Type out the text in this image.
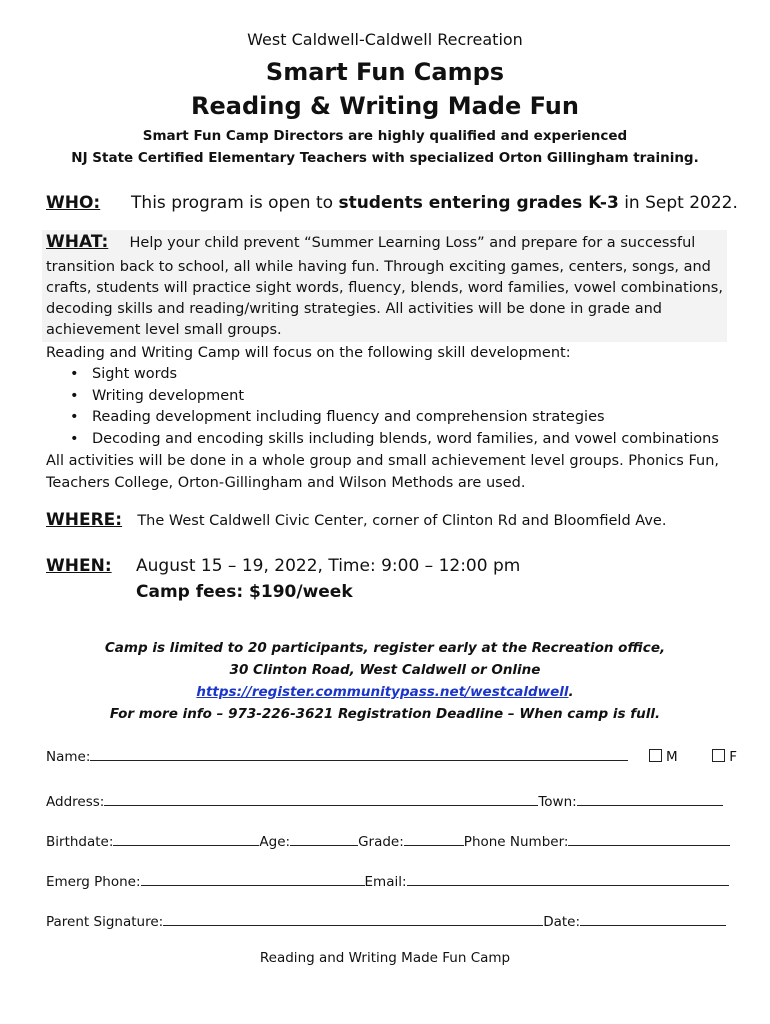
West Caldwell-Caldwell Recreation
Smart Fun Camps
Reading & Writing Made Fun
Smart Fun Camp Directors are highly qualified and experienced
NJ State Certified Elementary Teachers with specialized Orton Gillingham training.
WHO: This program is open to students entering grades K-3 in Sept 2022.
WHAT: Help your child prevent “Summer Learning Loss” and prepare for a successful
transition back to school, all while having fun. Through exciting games, centers, songs, and
crafts, students will practice sight words, fluency, blends, word families, vowel combinations,
decoding skills and reading/writing strategies. All activities will be done in grade and
achievement level small groups.
Reading and Writing Camp will focus on the following skill development:
• Sight words
• Writing development
• Reading development including fluency and comprehension strategies
• Decoding and encoding skills including blends, word families, and vowel combinations
All activities will be done in a whole group and small achievement level groups. Phonics Fun,
Teachers College, Orton-Gillingham and Wilson Methods are used.
WHERE: The West Caldwell Civic Center, corner of Clinton Rd and Bloomfield Ave.
WHEN: August 15 – 19, 2022, Time: 9:00 – 12:00 pm
Camp fees: $190/week
Camp is limited to 20 participants, register early at the Recreation office,
30 Clinton Road, West Caldwell or Online
https://register.communitypass.net/westcaldwell.
For more info – 973-226-3621 Registration Deadline – When camp is full.
Name:	M	F
Address:	Town:
Birthdate:	Age:	Grade:	Phone Number:
Emerg Phone:	Email:
Parent Signature:	Date:
Reading and Writing Made Fun Camp
